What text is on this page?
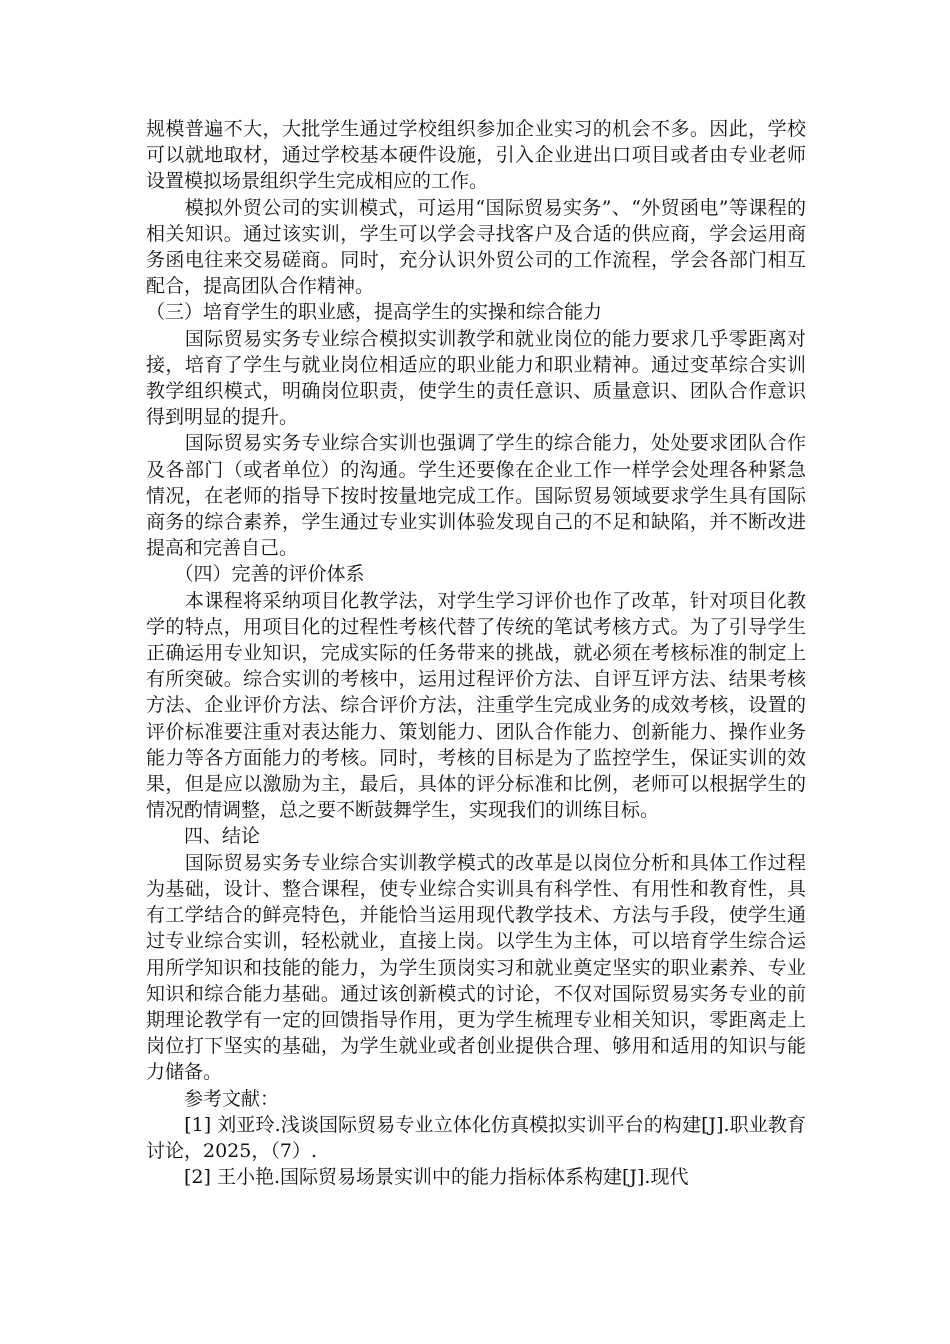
规模普遍不大，大批学生通过学校组织参加企业实习的机会不多。因此，学校可以就地取材，通过学校基本硬件设施，引入企业进出口项目或者由专业老师设置模拟场景组织学生完成相应的工作。

　　模拟外贸公司的实训模式，可运用“国际贸易实务”、“外贸函电”等课程的相关知识。通过该实训，学生可以学会寻找客户及合适的供应商，学会运用商务函电往来交易磋商。同时，充分认识外贸公司的工作流程，学会各部门相互配合，提高团队合作精神。

（三）培育学生的职业感，提高学生的实操和综合能力

　　国际贸易实务专业综合模拟实训教学和就业岗位的能力要求几乎零距离对接，培育了学生与就业岗位相适应的职业能力和职业精神。通过变革综合实训教学组织模式，明确岗位职责，使学生的责任意识、质量意识、团队合作意识得到明显的提升。

　　国际贸易实务专业综合实训也强调了学生的综合能力，处处要求团队合作及各部门（或者单位）的沟通。学生还要像在企业工作一样学会处理各种紧急情况，在老师的指导下按时按量地完成工作。国际贸易领域要求学生具有国际商务的综合素养，学生通过专业实训体验发现自己的不足和缺陷，并不断改进提高和完善自己。

　　（四）完善的评价体系

　　本课程将采纳项目化教学法，对学生学习评价也作了改革，针对项目化教学的特点，用项目化的过程性考核代替了传统的笔试考核方式。为了引导学生正确运用专业知识，完成实际的任务带来的挑战，就必须在考核标准的制定上有所突破。综合实训的考核中，运用过程评价方法、自评互评方法、结果考核方法、企业评价方法、综合评价方法，注重学生完成业务的成效考核，设置的评价标准要注重对表达能力、策划能力、团队合作能力、创新能力、操作业务能力等各方面能力的考核。同时，考核的目标是为了监控学生，保证实训的效果，但是应以激励为主，最后，具体的评分标准和比例，老师可以根据学生的情况酌情调整，总之要不断鼓舞学生，实现我们的训练目标。

　　四、结论

　　国际贸易实务专业综合实训教学模式的改革是以岗位分析和具体工作过程为基础，设计、整合课程，使专业综合实训具有科学性、有用性和教育性，具有工学结合的鲜亮特色，并能恰当运用现代教学技术、方法与手段，使学生通过专业综合实训，轻松就业，直接上岗。以学生为主体，可以培育学生综合运用所学知识和技能的能力，为学生顶岗实习和就业奠定坚实的职业素养、专业知识和综合能力基础。通过该创新模式的讨论，不仅对国际贸易实务专业的前期理论教学有一定的回馈指导作用，更为学生梳理专业相关知识，零距离走上岗位打下坚实的基础，为学生就业或者创业提供合理、够用和适用的知识与能力储备。

　　参考文献：

　　[1] 刘亚玲.浅谈国际贸易专业立体化仿真模拟实训平台的构建[J].职业教育讨论，2025，（7）.

　　[2] 王小艳.国际贸易场景实训中的能力指标体系构建[J].现代
